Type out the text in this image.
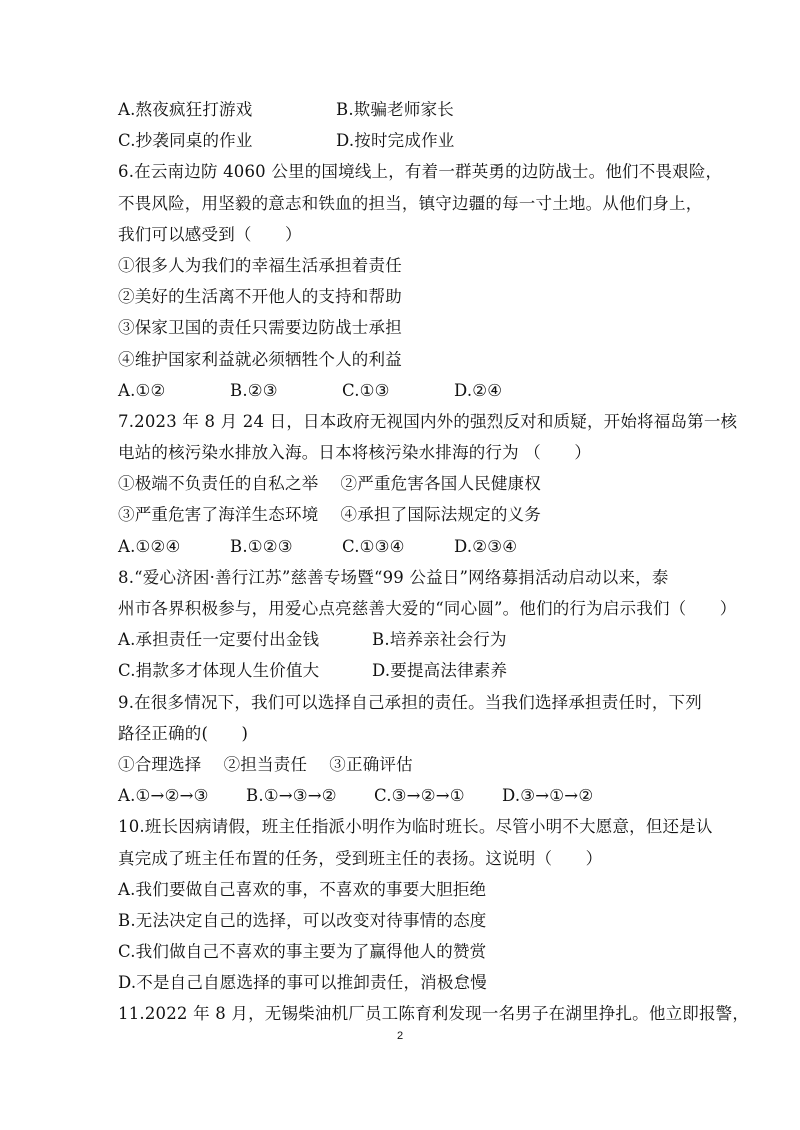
A.熬夜疯狂打游戏	B.欺骗老师家长
C.抄袭同桌的作业	D.按时完成作业
6.在云南边防 4060 公里的国境线上，有着一群英勇的边防战士。他们不畏艰险，
不畏风险，用坚毅的意志和铁血的担当，镇守边疆的每一寸土地。从他们身上，
我们可以感受到（　　）
①很多人为我们的幸福生活承担着责任
②美好的生活离不开他人的支持和帮助
③保家卫国的责任只需要边防战士承担
④维护国家利益就必须牺牲个人的利益
A.①②	B.②③	C.①③	D.②④
7.2023 年 8 月 24 日，日本政府无视国内外的强烈反对和质疑，开始将福岛第一核
电站的核污染水排放入海。日本将核污染水排海的行为 （　　）
①极端不负责任的自私之举　 ②严重危害各国人民健康权
③严重危害了海洋生态环境　 ④承担了国际法规定的义务
A.①②④	B.①②③	C.①③④	D.②③④
8.“爱心济困·善行江苏”慈善专场暨“99 公益日”网络募捐活动启动以来，泰
州市各界积极参与，用爱心点亮慈善大爱的“同心圆”。他们的行为启示我们（　　）
A.承担责任一定要付出金钱	B.培养亲社会行为
C.捐款多才体现人生价值大	D.要提高法律素养
9.在很多情况下，我们可以选择自己承担的责任。当我们选择承担责任时，下列
路径正确的(　　)
①合理选择　 ②担当责任　 ③正确评估
A.①→②→③ B.①→③→② C.③→②→① D.③→①→②
10.班长因病请假，班主任指派小明作为临时班长。尽管小明不大愿意，但还是认
真完成了班主任布置的任务，受到班主任的表扬。这说明（　　）
A.我们要做自己喜欢的事，不喜欢的事要大胆拒绝
B.无法决定自己的选择，可以改变对待事情的态度
C.我们做自己不喜欢的事主要为了赢得他人的赞赏
D.不是自己自愿选择的事可以推卸责任，消极怠慢
11.2022 年 8 月，无锡柴油机厂员工陈育利发现一名男子在湖里挣扎。他立即报警，
2
